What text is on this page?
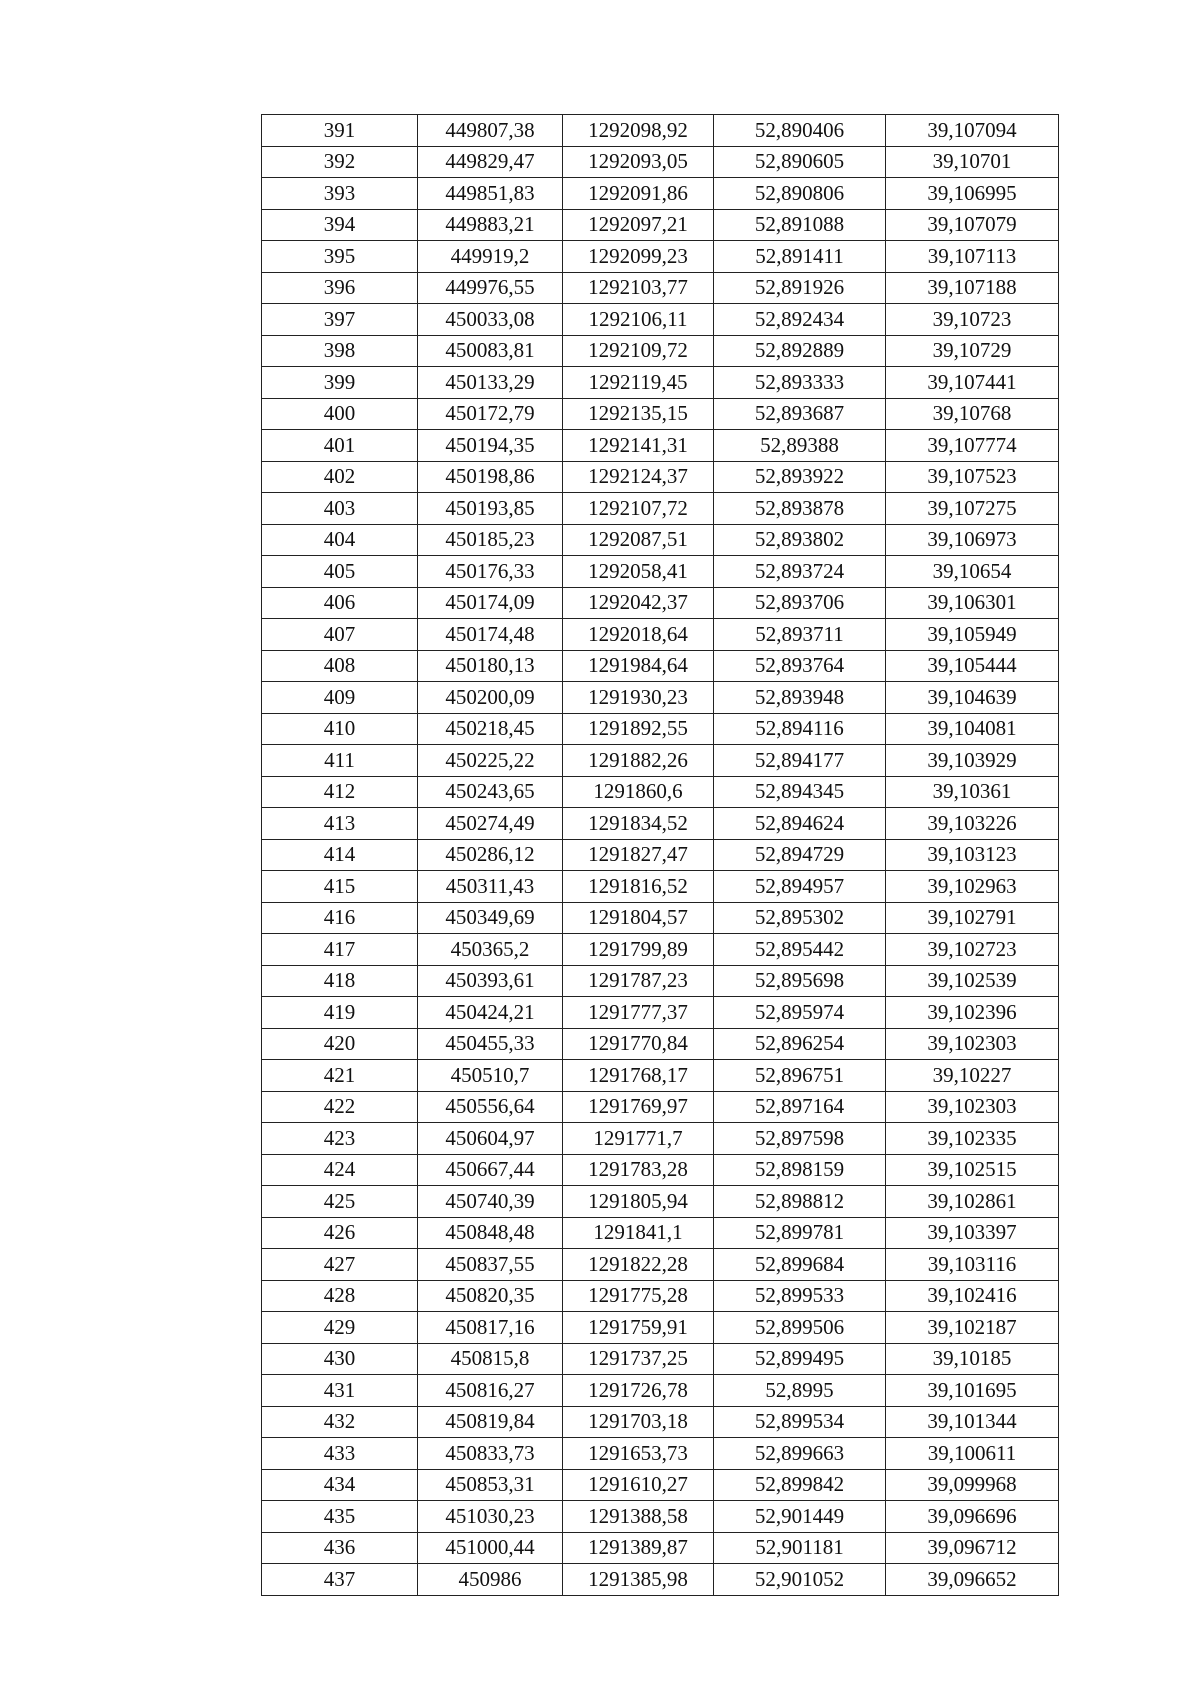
391	449807,38	1292098,92	52,890406	39,107094
392	449829,47	1292093,05	52,890605	39,10701
393	449851,83	1292091,86	52,890806	39,106995
394	449883,21	1292097,21	52,891088	39,107079
395	449919,2	1292099,23	52,891411	39,107113
396	449976,55	1292103,77	52,891926	39,107188
397	450033,08	1292106,11	52,892434	39,10723
398	450083,81	1292109,72	52,892889	39,10729
399	450133,29	1292119,45	52,893333	39,107441
400	450172,79	1292135,15	52,893687	39,10768
401	450194,35	1292141,31	52,89388	39,107774
402	450198,86	1292124,37	52,893922	39,107523
403	450193,85	1292107,72	52,893878	39,107275
404	450185,23	1292087,51	52,893802	39,106973
405	450176,33	1292058,41	52,893724	39,10654
406	450174,09	1292042,37	52,893706	39,106301
407	450174,48	1292018,64	52,893711	39,105949
408	450180,13	1291984,64	52,893764	39,105444
409	450200,09	1291930,23	52,893948	39,104639
410	450218,45	1291892,55	52,894116	39,104081
411	450225,22	1291882,26	52,894177	39,103929
412	450243,65	1291860,6	52,894345	39,10361
413	450274,49	1291834,52	52,894624	39,103226
414	450286,12	1291827,47	52,894729	39,103123
415	450311,43	1291816,52	52,894957	39,102963
416	450349,69	1291804,57	52,895302	39,102791
417	450365,2	1291799,89	52,895442	39,102723
418	450393,61	1291787,23	52,895698	39,102539
419	450424,21	1291777,37	52,895974	39,102396
420	450455,33	1291770,84	52,896254	39,102303
421	450510,7	1291768,17	52,896751	39,10227
422	450556,64	1291769,97	52,897164	39,102303
423	450604,97	1291771,7	52,897598	39,102335
424	450667,44	1291783,28	52,898159	39,102515
425	450740,39	1291805,94	52,898812	39,102861
426	450848,48	1291841,1	52,899781	39,103397
427	450837,55	1291822,28	52,899684	39,103116
428	450820,35	1291775,28	52,899533	39,102416
429	450817,16	1291759,91	52,899506	39,102187
430	450815,8	1291737,25	52,899495	39,10185
431	450816,27	1291726,78	52,8995	39,101695
432	450819,84	1291703,18	52,899534	39,101344
433	450833,73	1291653,73	52,899663	39,100611
434	450853,31	1291610,27	52,899842	39,099968
435	451030,23	1291388,58	52,901449	39,096696
436	451000,44	1291389,87	52,901181	39,096712
437	450986	1291385,98	52,901052	39,096652
